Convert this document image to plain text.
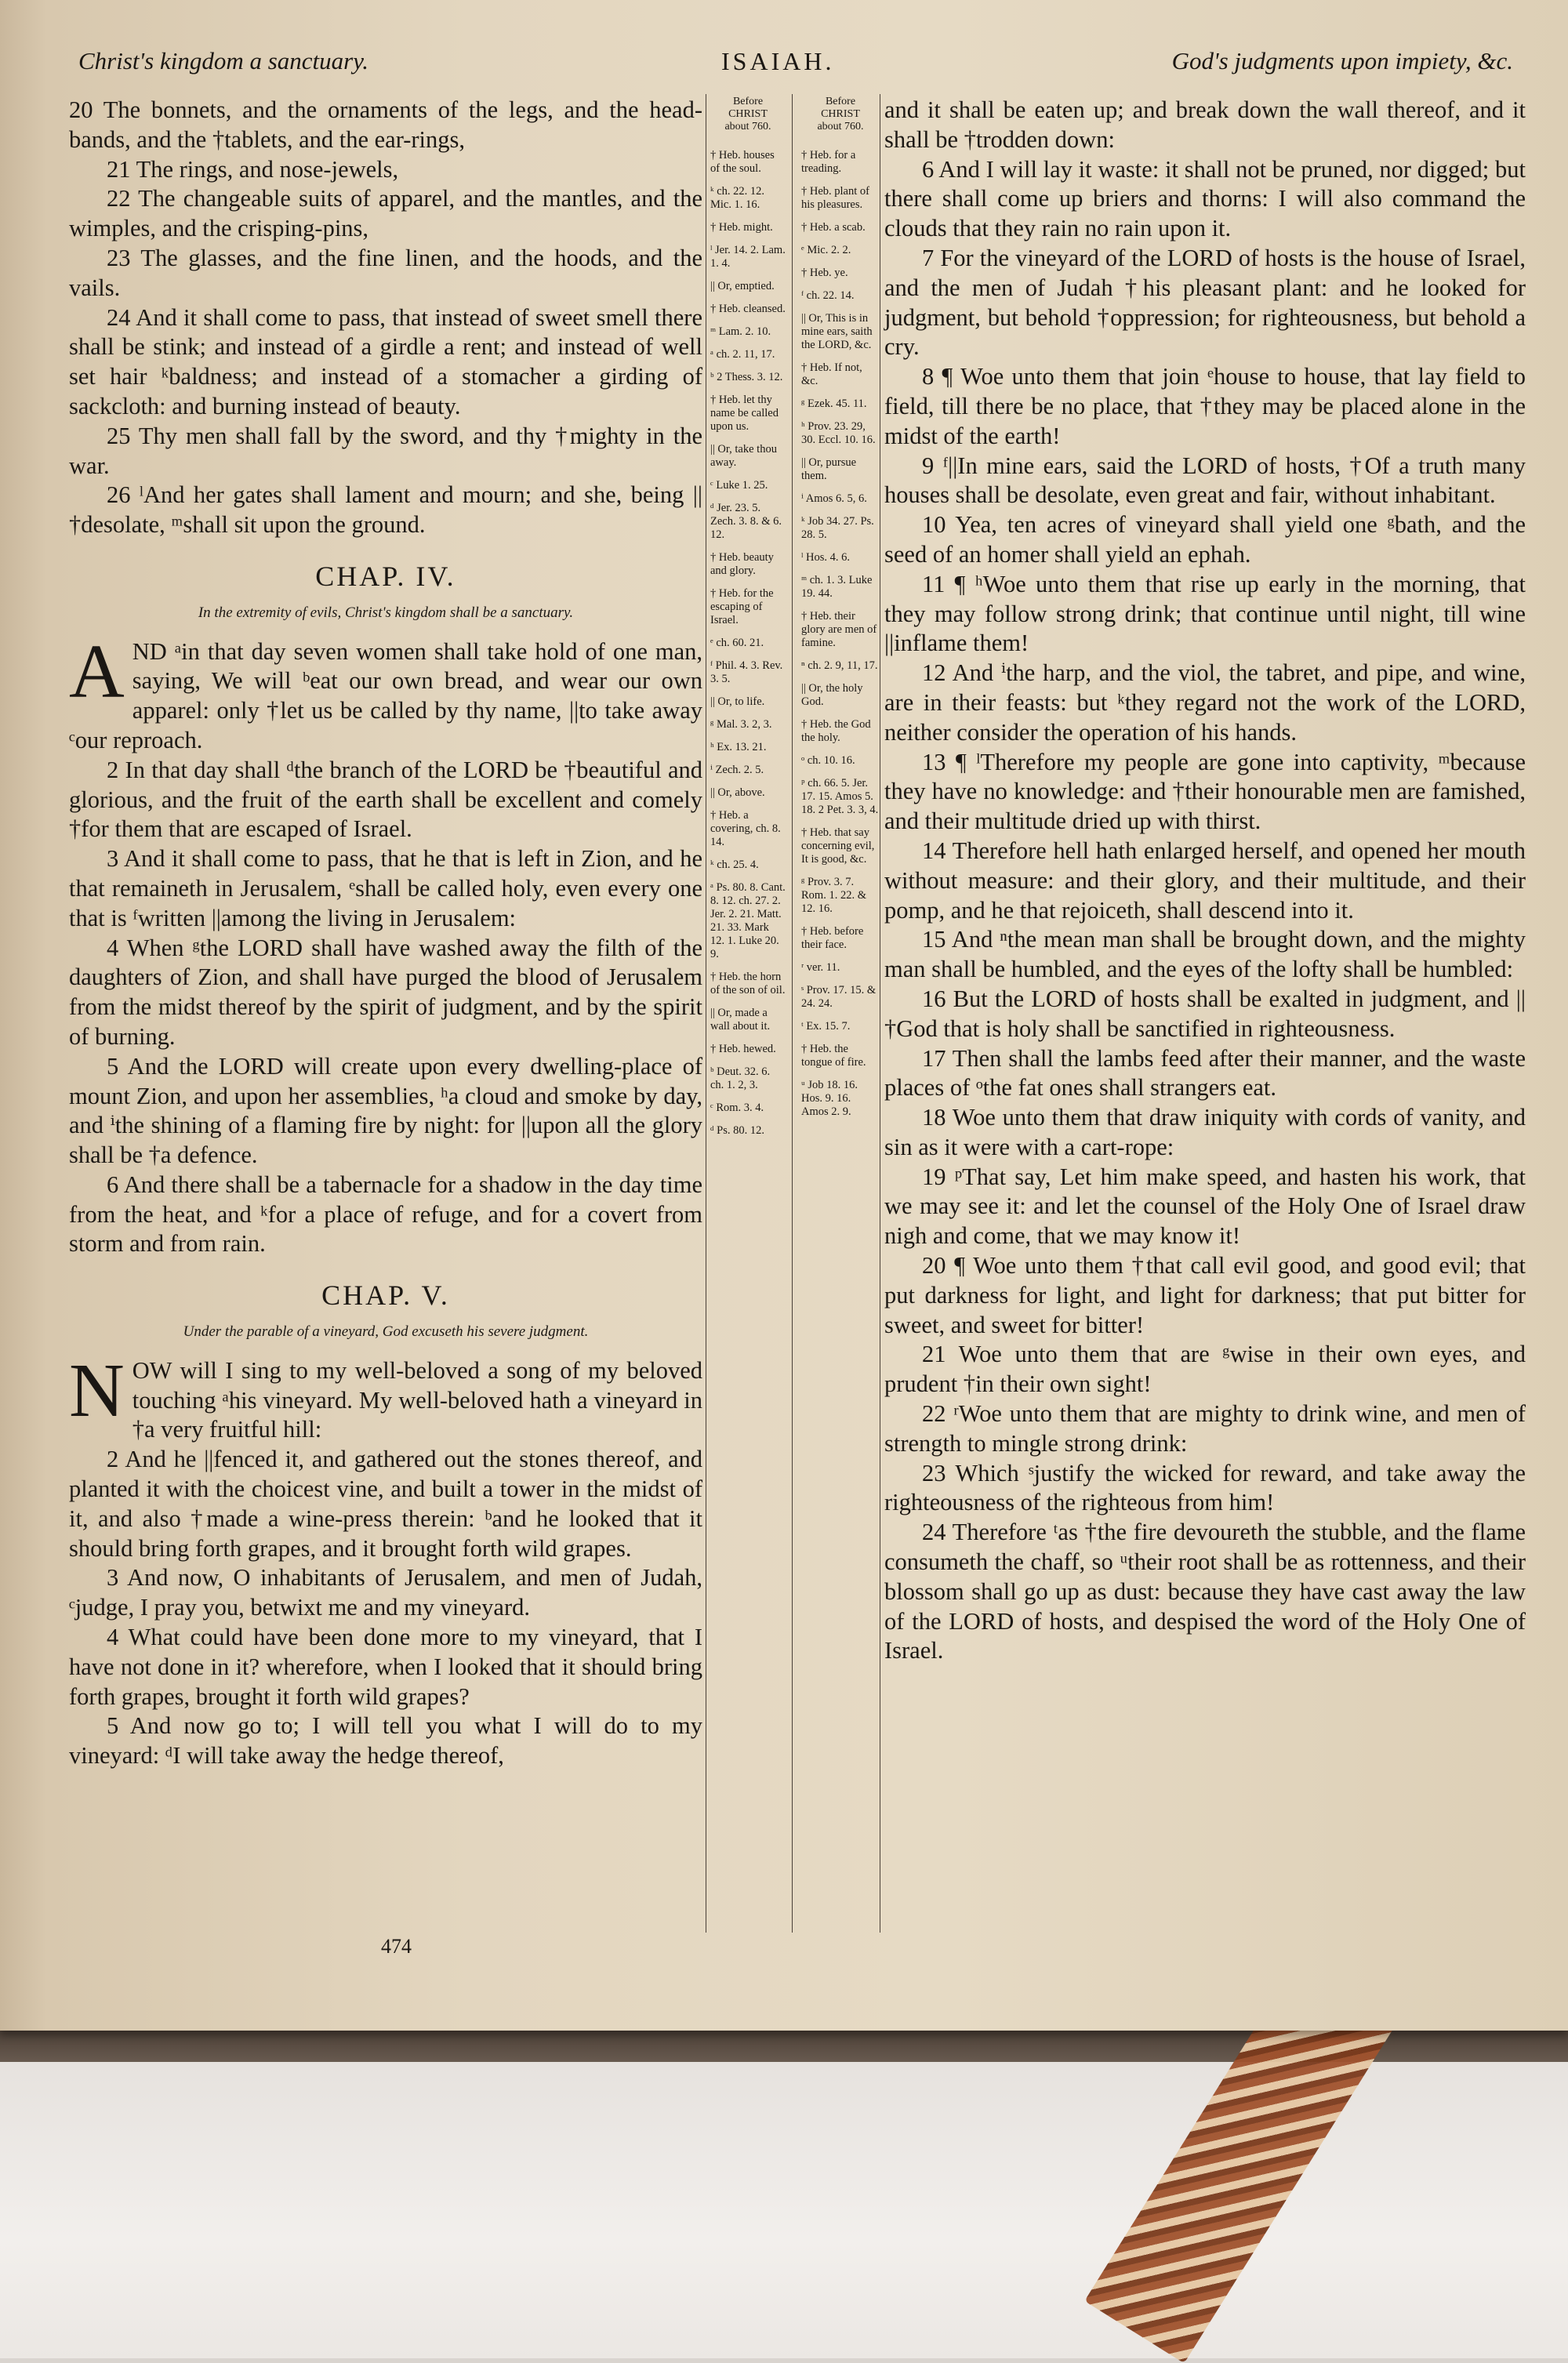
Christ's kingdom a sanctuary.	ISAIAH.	God's judgments upon impiety, &c.

20 The bonnets, and the ornaments of the legs, and the head-bands, and the †tablets, and the ear-rings,

21 The rings, and nose-jewels,

22 The changeable suits of apparel, and the mantles, and the wimples, and the crisping-pins,

23 The glasses, and the fine linen, and the hoods, and the vails.

24 And it shall come to pass, that instead of sweet smell there shall be stink; and instead of a girdle a rent; and instead of well set hair ᵏbaldness; and instead of a stomacher a girding of sackcloth: and burning instead of beauty.

25 Thy men shall fall by the sword, and thy †mighty in the war.

26 ˡAnd her gates shall lament and mourn; and she, being ||†desolate, ᵐshall sit upon the ground.

CHAP. IV.
In the extremity of evils, Christ's kingdom shall be a sanctuary.

AND ᵃin that day seven women shall take hold of one man, saying, We will ᵇeat our own bread, and wear our own apparel: only †let us be called by thy name, ||to take away ᶜour reproach.

2 In that day shall ᵈthe branch of the LORD be †beautiful and glorious, and the fruit of the earth shall be excellent and comely †for them that are escaped of Israel.

3 And it shall come to pass, that he that is left in Zion, and he that remaineth in Jerusalem, ᵉshall be called holy, even every one that is ᶠwritten ||among the living in Jerusalem:

4 When ᵍthe LORD shall have washed away the filth of the daughters of Zion, and shall have purged the blood of Jerusalem from the midst thereof by the spirit of judgment, and by the spirit of burning.

5 And the LORD will create upon every dwelling-place of mount Zion, and upon her assemblies, ʰa cloud and smoke by day, and ⁱthe shining of a flaming fire by night: for ||upon all the glory shall be †a defence.

6 And there shall be a tabernacle for a shadow in the day time from the heat, and ᵏfor a place of refuge, and for a covert from storm and from rain.

CHAP. V.
Under the parable of a vineyard, God excuseth his severe judgment.

NOW will I sing to my well-beloved a song of my beloved touching ᵃhis vineyard. My well-beloved hath a vineyard in †a very fruitful hill:

2 And he ||fenced it, and gathered out the stones thereof, and planted it with the choicest vine, and built a tower in the midst of it, and also †made a wine-press therein: ᵇand he looked that it should bring forth grapes, and it brought forth wild grapes.

3 And now, O inhabitants of Jerusalem, and men of Judah, ᶜjudge, I pray you, betwixt me and my vineyard.

4 What could have been done more to my vineyard, that I have not done in it? wherefore, when I looked that it should bring forth grapes, brought it forth wild grapes?

5 And now go to; I will tell you what I will do to my vineyard: ᵈI will take away the hedge thereof,

Before
CHRIST
about 760.
† Heb. houses of the soul.
ᵏ ch. 22. 12. Mic. 1. 16.
† Heb. might.
ˡ Jer. 14. 2. Lam. 1. 4.
|| Or, emptied.
† Heb. cleansed.
ᵐ Lam. 2. 10.
ᵃ ch. 2. 11, 17.
ᵇ 2 Thess. 3. 12.
† Heb. let thy name be called upon us.
|| Or, take thou away.
ᶜ Luke 1. 25.
ᵈ Jer. 23. 5. Zech. 3. 8. & 6. 12.
† Heb. beauty and glory.
† Heb. for the escaping of Israel.
ᵉ ch. 60. 21.
ᶠ Phil. 4. 3. Rev. 3. 5.
|| Or, to life.
ᵍ Mal. 3. 2, 3.
ʰ Ex. 13. 21.
ⁱ Zech. 2. 5.
|| Or, above.
† Heb. a covering, ch. 8. 14.
ᵏ ch. 25. 4.
ᵃ Ps. 80. 8. Cant. 8. 12. ch. 27. 2. Jer. 2. 21. Matt. 21. 33. Mark 12. 1. Luke 20. 9.
† Heb. the horn of the son of oil.
|| Or, made a wall about it.
† Heb. hewed.
ᵇ Deut. 32. 6. ch. 1. 2, 3.
ᶜ Rom. 3. 4.
ᵈ Ps. 80. 12.
Before
CHRIST
about 760.
† Heb. for a treading.
† Heb. plant of his pleasures.
† Heb. a scab.
ᵉ Mic. 2. 2.
† Heb. ye.
ᶠ ch. 22. 14.
|| Or, This is in mine ears, saith the LORD, &c.
† Heb. If not, &c.
ᵍ Ezek. 45. 11.
ʰ Prov. 23. 29, 30. Eccl. 10. 16.
|| Or, pursue them.
ⁱ Amos 6. 5, 6.
ᵏ Job 34. 27. Ps. 28. 5.
ˡ Hos. 4. 6.
ᵐ ch. 1. 3. Luke 19. 44.
† Heb. their glory are men of famine.
ⁿ ch. 2. 9, 11, 17.
|| Or, the holy God.
† Heb. the God the holy.
ᵒ ch. 10. 16.
ᵖ ch. 66. 5. Jer. 17. 15. Amos 5. 18. 2 Pet. 3. 3, 4.
† Heb. that say concerning evil, It is good, &c.
ᵍ Prov. 3. 7. Rom. 1. 22. & 12. 16.
† Heb. before their face.
ʳ ver. 11.
ˢ Prov. 17. 15. & 24. 24.
ᵗ Ex. 15. 7.
† Heb. the tongue of fire.
ᵘ Job 18. 16. Hos. 9. 16. Amos 2. 9.

and it shall be eaten up; and break down the wall thereof, and it shall be †trodden down:

6 And I will lay it waste: it shall not be pruned, nor digged; but there shall come up briers and thorns: I will also command the clouds that they rain no rain upon it.

7 For the vineyard of the LORD of hosts is the house of Israel, and the men of Judah †his pleasant plant: and he looked for judgment, but behold †oppression; for righteousness, but behold a cry.

8 ¶ Woe unto them that join ᵉhouse to house, that lay field to field, till there be no place, that †they may be placed alone in the midst of the earth!

9 ᶠ||In mine ears, said the LORD of hosts, †Of a truth many houses shall be desolate, even great and fair, without inhabitant.

10 Yea, ten acres of vineyard shall yield one ᵍbath, and the seed of an homer shall yield an ephah.

11 ¶ ʰWoe unto them that rise up early in the morning, that they may follow strong drink; that continue until night, till wine ||inflame them!

12 And ⁱthe harp, and the viol, the tabret, and pipe, and wine, are in their feasts: but ᵏthey regard not the work of the LORD, neither consider the operation of his hands.

13 ¶ ˡTherefore my people are gone into captivity, ᵐbecause they have no knowledge: and †their honourable men are famished, and their multitude dried up with thirst.

14 Therefore hell hath enlarged herself, and opened her mouth without measure: and their glory, and their multitude, and their pomp, and he that rejoiceth, shall descend into it.

15 And ⁿthe mean man shall be brought down, and the mighty man shall be humbled, and the eyes of the lofty shall be humbled:

16 But the LORD of hosts shall be exalted in judgment, and ||†God that is holy shall be sanctified in righteousness.

17 Then shall the lambs feed after their manner, and the waste places of ᵒthe fat ones shall strangers eat.

18 Woe unto them that draw iniquity with cords of vanity, and sin as it were with a cart-rope:

19 ᵖThat say, Let him make speed, and hasten his work, that we may see it: and let the counsel of the Holy One of Israel draw nigh and come, that we may know it!

20 ¶ Woe unto them †that call evil good, and good evil; that put darkness for light, and light for darkness; that put bitter for sweet, and sweet for bitter!

21 Woe unto them that are ᵍwise in their own eyes, and prudent †in their own sight!

22 ʳWoe unto them that are mighty to drink wine, and men of strength to mingle strong drink:

23 Which ˢjustify the wicked for reward, and take away the righteousness of the righteous from him!

24 Therefore ᵗas †the fire devoureth the stubble, and the flame consumeth the chaff, so ᵘtheir root shall be as rottenness, and their blossom shall go up as dust: because they have cast away the law of the LORD of hosts, and despised the word of the Holy One of Israel.

474
